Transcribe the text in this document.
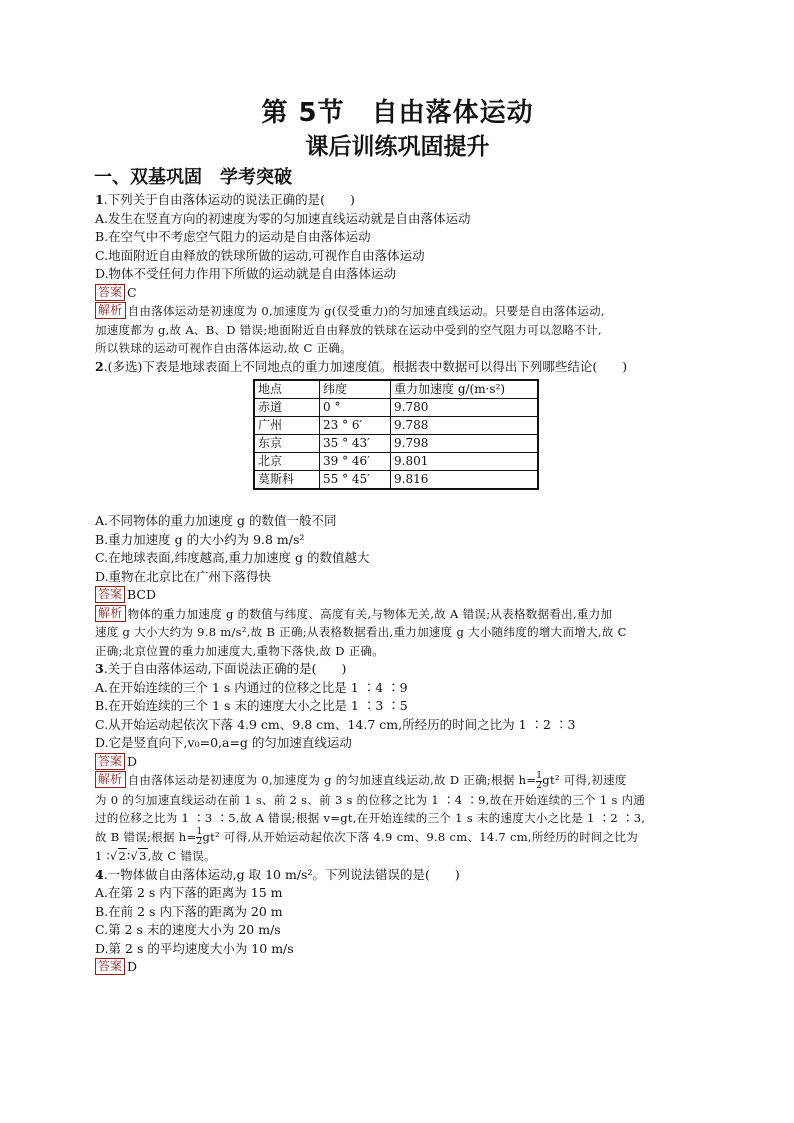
第 5节　自由落体运动
课后训练巩固提升
一、双基巩固　学考突破
1.下列关于自由落体运动的说法正确的是(　　)
A.发生在竖直方向的初速度为零的匀加速直线运动就是自由落体运动
B.在空气中不考虑空气阻力的运动是自由落体运动
C.地面附近自由释放的铁球所做的运动,可视作自由落体运动
D.物体不受任何力作用下所做的运动就是自由落体运动
答案 C
解析 自由落体运动是初速度为 0,加速度为 g(仅受重力)的匀加速直线运动。只要是自由落体运动,
加速度都为 g,故 A、B、D 错误;地面附近自由释放的铁球在运动中受到的空气阻力可以忽略不计,
所以铁球的运动可视作自由落体运动,故 C 正确。
2.(多选)下表是地球表面上不同地点的重力加速度值。根据表中数据可以得出下列哪些结论(　　)
地点	纬度	重力加速度 g/(m·s²)
赤道	0 °	9.780
广州	23 ° 6′	9.788
东京	35 ° 43′	9.798
北京	39 ° 46′	9.801
莫斯科	55 ° 45′	9.816
A.不同物体的重力加速度 g 的数值一般不同
B.重力加速度 g 的大小约为 9.8 m/s²
C.在地球表面,纬度越高,重力加速度 g 的数值越大
D.重物在北京比在广州下落得快
答案 BCD
解析 物体的重力加速度 g 的数值与纬度、高度有关,与物体无关,故 A 错误;从表格数据看出,重力加
速度 g 大小大约为 9.8 m/s²,故 B 正确;从表格数据看出,重力加速度 g 大小随纬度的增大而增大,故 C
正确;北京位置的重力加速度大,重物下落快,故 D 正确。
3.关于自由落体运动,下面说法正确的是(　　)
A.在开始连续的三个 1 s 内通过的位移之比是 1 ∶4 ∶9
B.在开始连续的三个 1 s 末的速度大小之比是 1 ∶3 ∶5
C.从开始运动起依次下落 4.9 cm、9.8 cm、14.7 cm,所经历的时间之比为 1 ∶2 ∶3
D.它是竖直向下,v₀=0,a=g 的匀加速直线运动
答案 D
解析 自由落体运动是初速度为 0,加速度为 g 的匀加速直线运动,故 D 正确;根据 $h= \frac{1}{2} gt^2$ 可得,初速度
为 0 的匀加速直线运动在前 1 s、前 2 s、前 3 s 的位移之比为 1 ∶4 ∶9,故在开始连续的三个 1 s 内通
过的位移之比为 1 ∶3 ∶5,故 A 错误;根据 v=gt,在开始连续的三个 1 s 末的速度大小之比是 1 ∶2 ∶3,
故 B 错误;根据 $h= \frac{1}{2} gt^2$ 可得,从开始运动起依次下落 4.9 cm、9.8 cm、14.7 cm,所经历的时间之比为
1 ∶√2∶√3,故 C 错误。
4.一物体做自由落体运动,g 取 10 m/s²。下列说法错误的是(　　)
A.在第 2 s 内下落的距离为 15 m
B.在前 2 s 内下落的距离为 20 m
C.第 2 s 末的速度大小为 20 m/s
D.第 2 s 的平均速度大小为 10 m/s
答案 D
